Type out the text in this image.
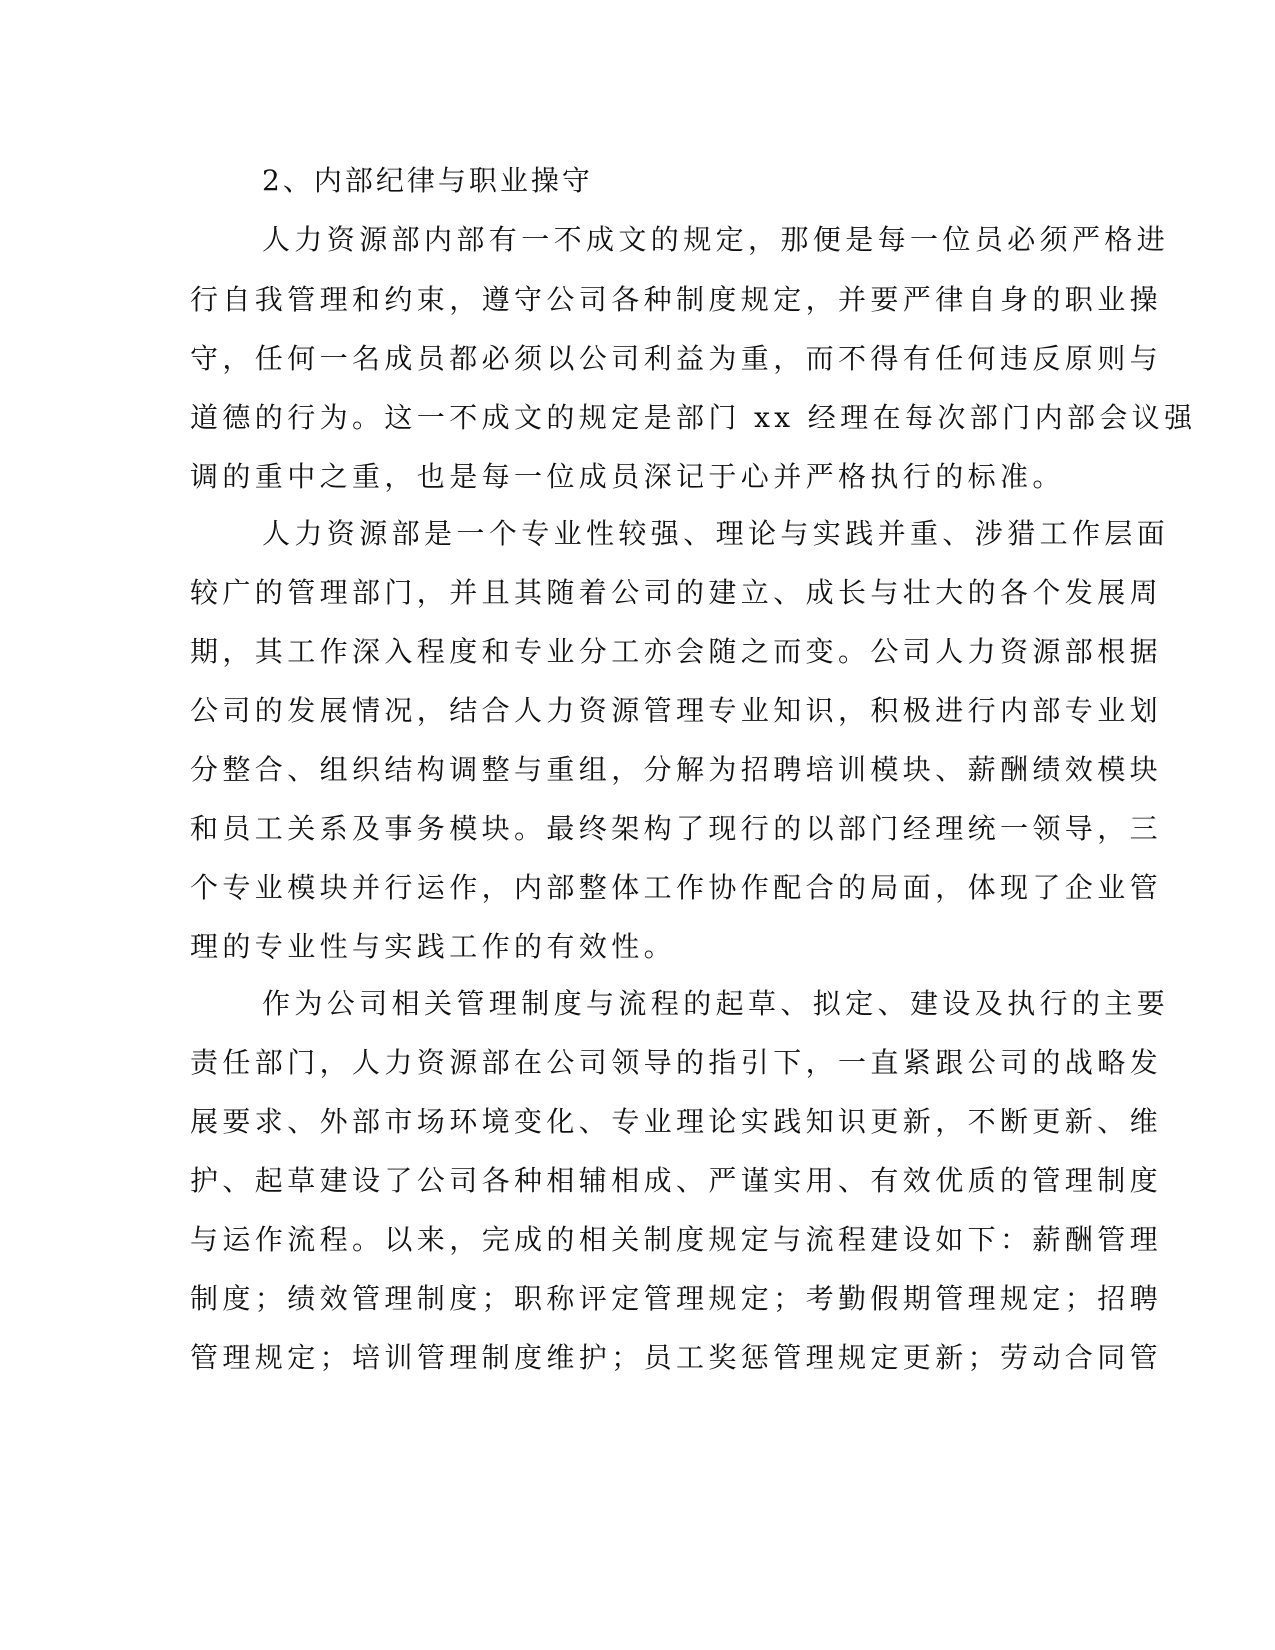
2、内部纪律与职业操守

人力资源部内部有一不成文的规定，那便是每一位员必须严格进

行自我管理和约束，遵守公司各种制度规定，并要严律自身的职业操

守，任何一名成员都必须以公司利益为重，而不得有任何违反原则与

道德的行为。这一不成文的规定是部门 xx 经理在每次部门内部会议强

调的重中之重，也是每一位成员深记于心并严格执行的标准。

人力资源部是一个专业性较强、理论与实践并重、涉猎工作层面

较广的管理部门，并且其随着公司的建立、成长与壮大的各个发展周

期，其工作深入程度和专业分工亦会随之而变。公司人力资源部根据

公司的发展情况，结合人力资源管理专业知识，积极进行内部专业划

分整合、组织结构调整与重组，分解为招聘培训模块、薪酬绩效模块

和员工关系及事务模块。最终架构了现行的以部门经理统一领导，三

个专业模块并行运作，内部整体工作协作配合的局面，体现了企业管

理的专业性与实践工作的有效性。

作为公司相关管理制度与流程的起草、拟定、建设及执行的主要

责任部门，人力资源部在公司领导的指引下，一直紧跟公司的战略发

展要求、外部市场环境变化、专业理论实践知识更新，不断更新、维

护、起草建设了公司各种相辅相成、严谨实用、有效优质的管理制度

与运作流程。以来，完成的相关制度规定与流程建设如下：薪酬管理

制度；绩效管理制度；职称评定管理规定；考勤假期管理规定；招聘

管理规定；培训管理制度维护；员工奖惩管理规定更新；劳动合同管
